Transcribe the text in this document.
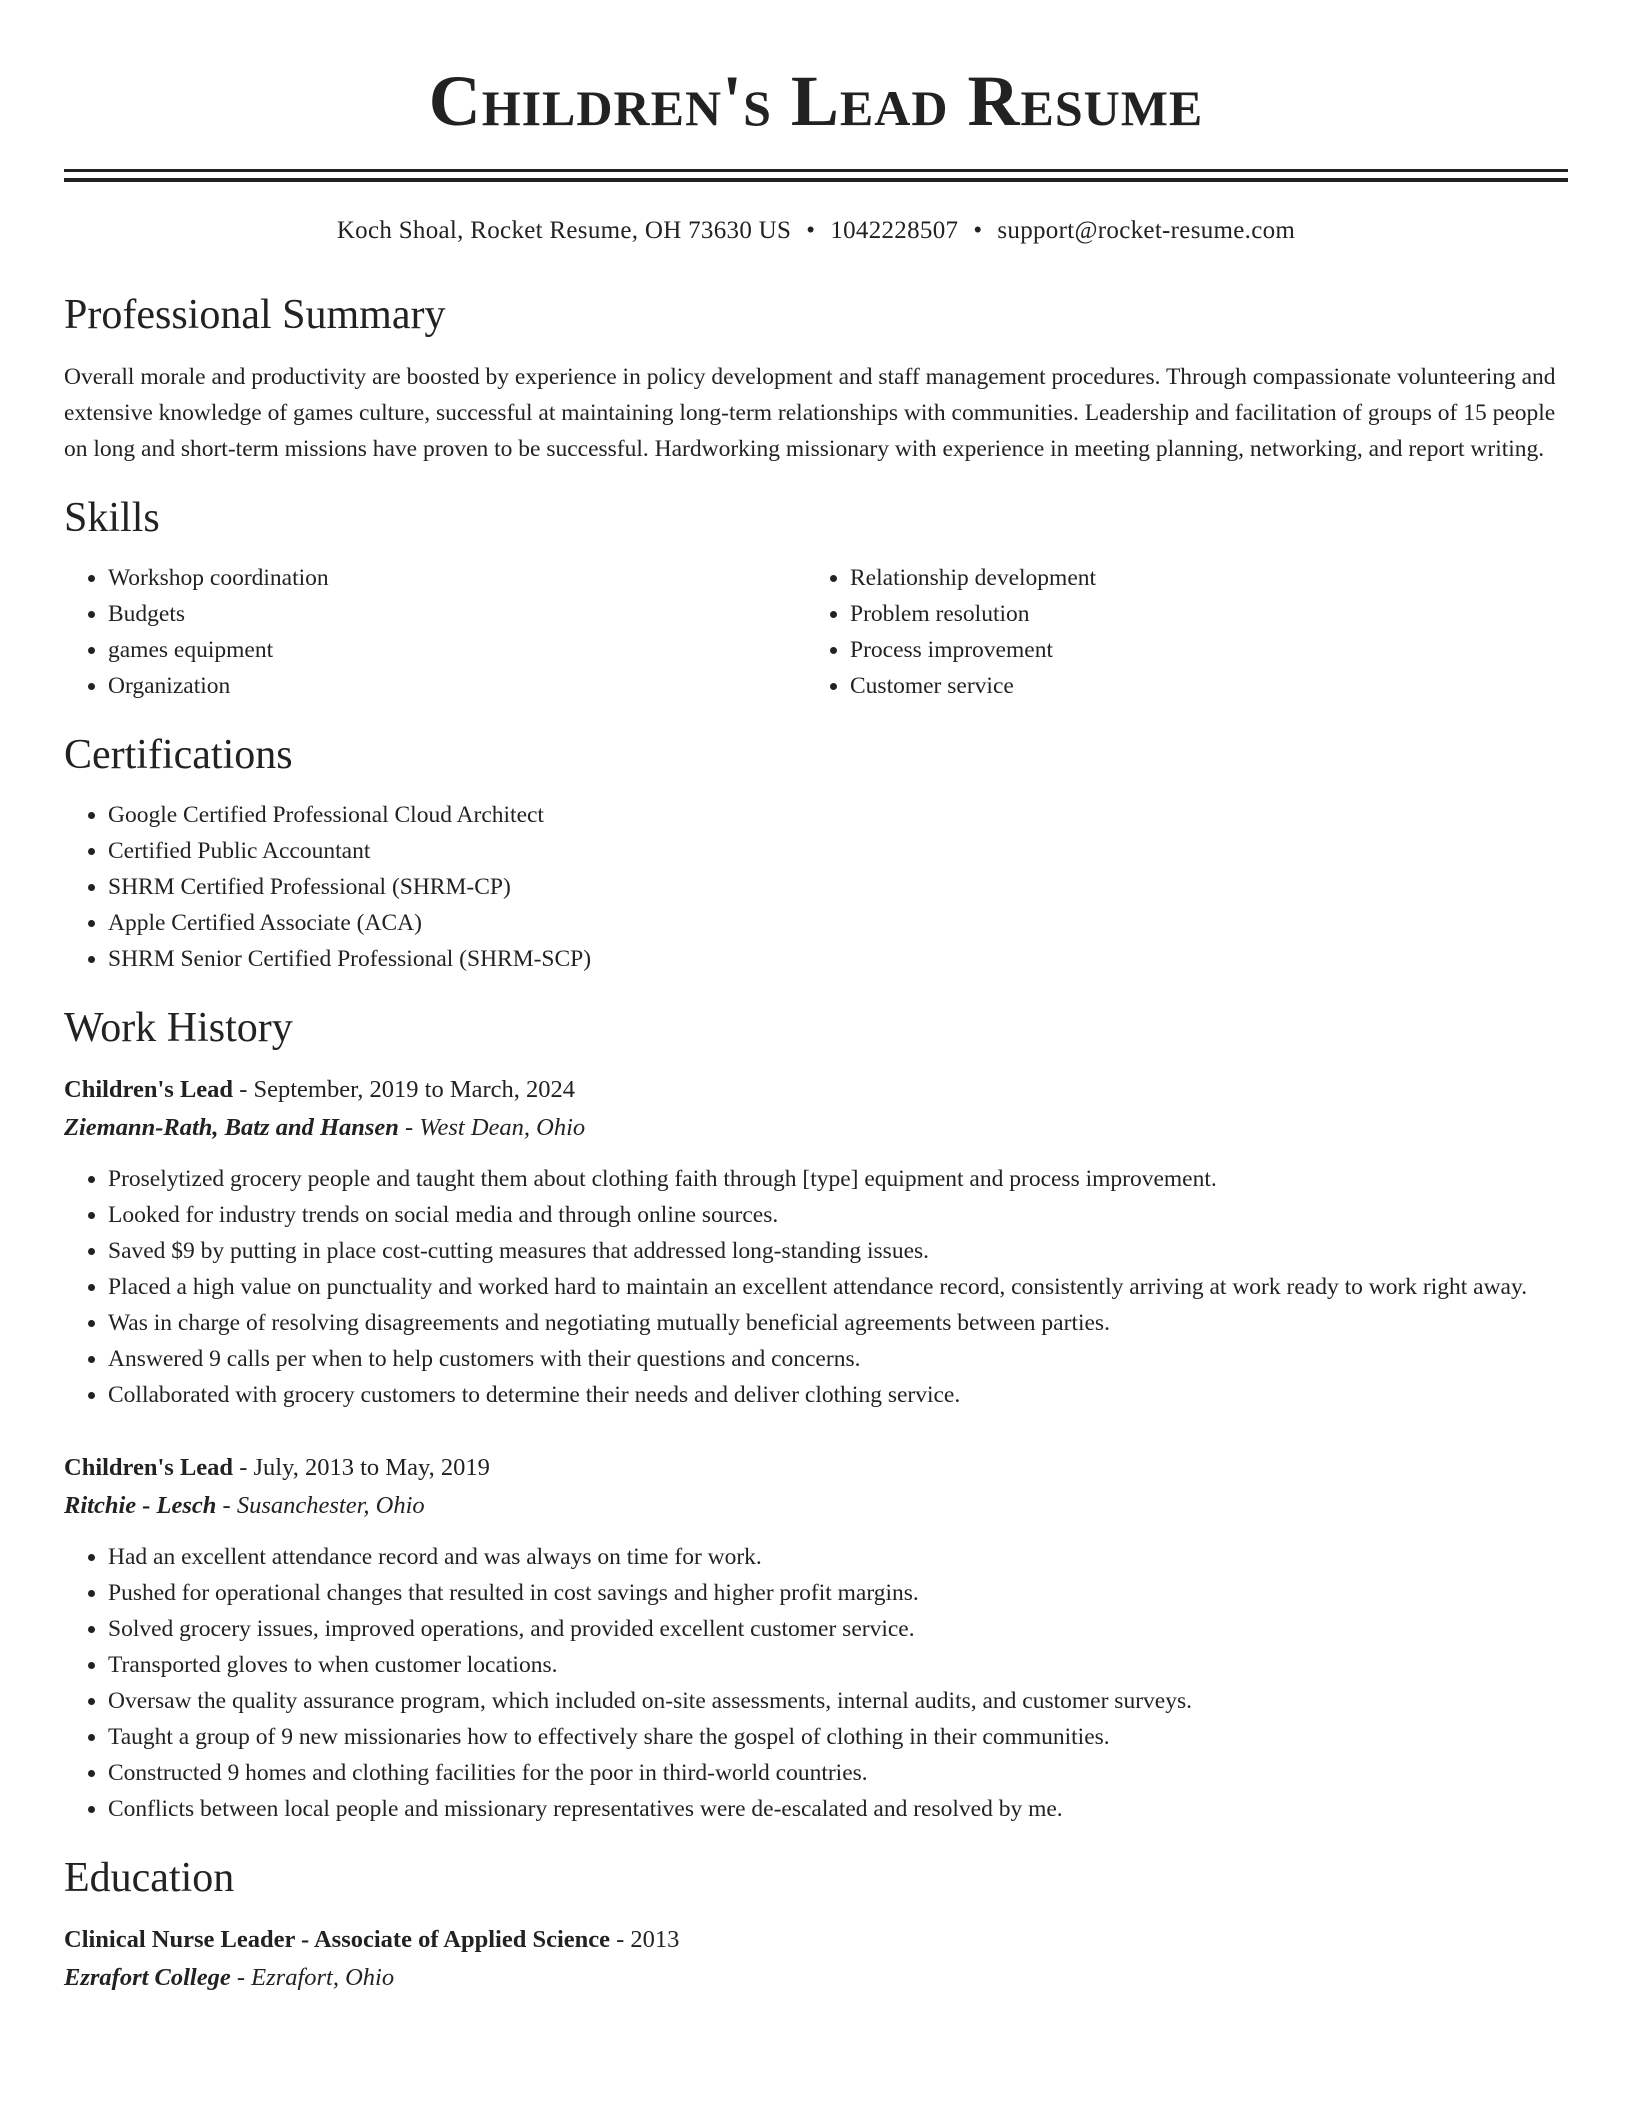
Children's Lead Resume
Koch Shoal, Rocket Resume, OH 73630 US • 1042228507 • support@rocket-resume.com
Professional Summary

Overall morale and productivity are boosted by experience in policy development and staff management procedures. Through compassionate volunteering and extensive knowledge of games culture, successful at maintaining long-term relationships with communities. Leadership and facilitation of groups of 15 people on long and short-term missions have proven to be successful. Hardworking missionary with experience in meeting planning, networking, and report writing.

Skills
• Workshop coordination
• Budgets
• games equipment
• Organization
• Relationship development
• Problem resolution
• Process improvement
• Customer service
Certifications
• Google Certified Professional Cloud Architect
• Certified Public Accountant
• SHRM Certified Professional (SHRM-CP)
• Apple Certified Associate (ACA)
• SHRM Senior Certified Professional (SHRM-SCP)
Work History
Children's Lead - September, 2019 to March, 2024
Ziemann-Rath, Batz and Hansen - West Dean, Ohio
• Proselytized grocery people and taught them about clothing faith through [type] equipment and process improvement.
• Looked for industry trends on social media and through online sources.
• Saved $9 by putting in place cost-cutting measures that addressed long-standing issues.
• Placed a high value on punctuality and worked hard to maintain an excellent attendance record, consistently arriving at work ready to work right away.
• Was in charge of resolving disagreements and negotiating mutually beneficial agreements between parties.
• Answered 9 calls per when to help customers with their questions and concerns.
• Collaborated with grocery customers to determine their needs and deliver clothing service.
Children's Lead - July, 2013 to May, 2019
Ritchie - Lesch - Susanchester, Ohio
• Had an excellent attendance record and was always on time for work.
• Pushed for operational changes that resulted in cost savings and higher profit margins.
• Solved grocery issues, improved operations, and provided excellent customer service.
• Transported gloves to when customer locations.
• Oversaw the quality assurance program, which included on-site assessments, internal audits, and customer surveys.
• Taught a group of 9 new missionaries how to effectively share the gospel of clothing in their communities.
• Constructed 9 homes and clothing facilities for the poor in third-world countries.
• Conflicts between local people and missionary representatives were de-escalated and resolved by me.
Education
Clinical Nurse Leader - Associate of Applied Science - 2013
Ezrafort College - Ezrafort, Ohio
